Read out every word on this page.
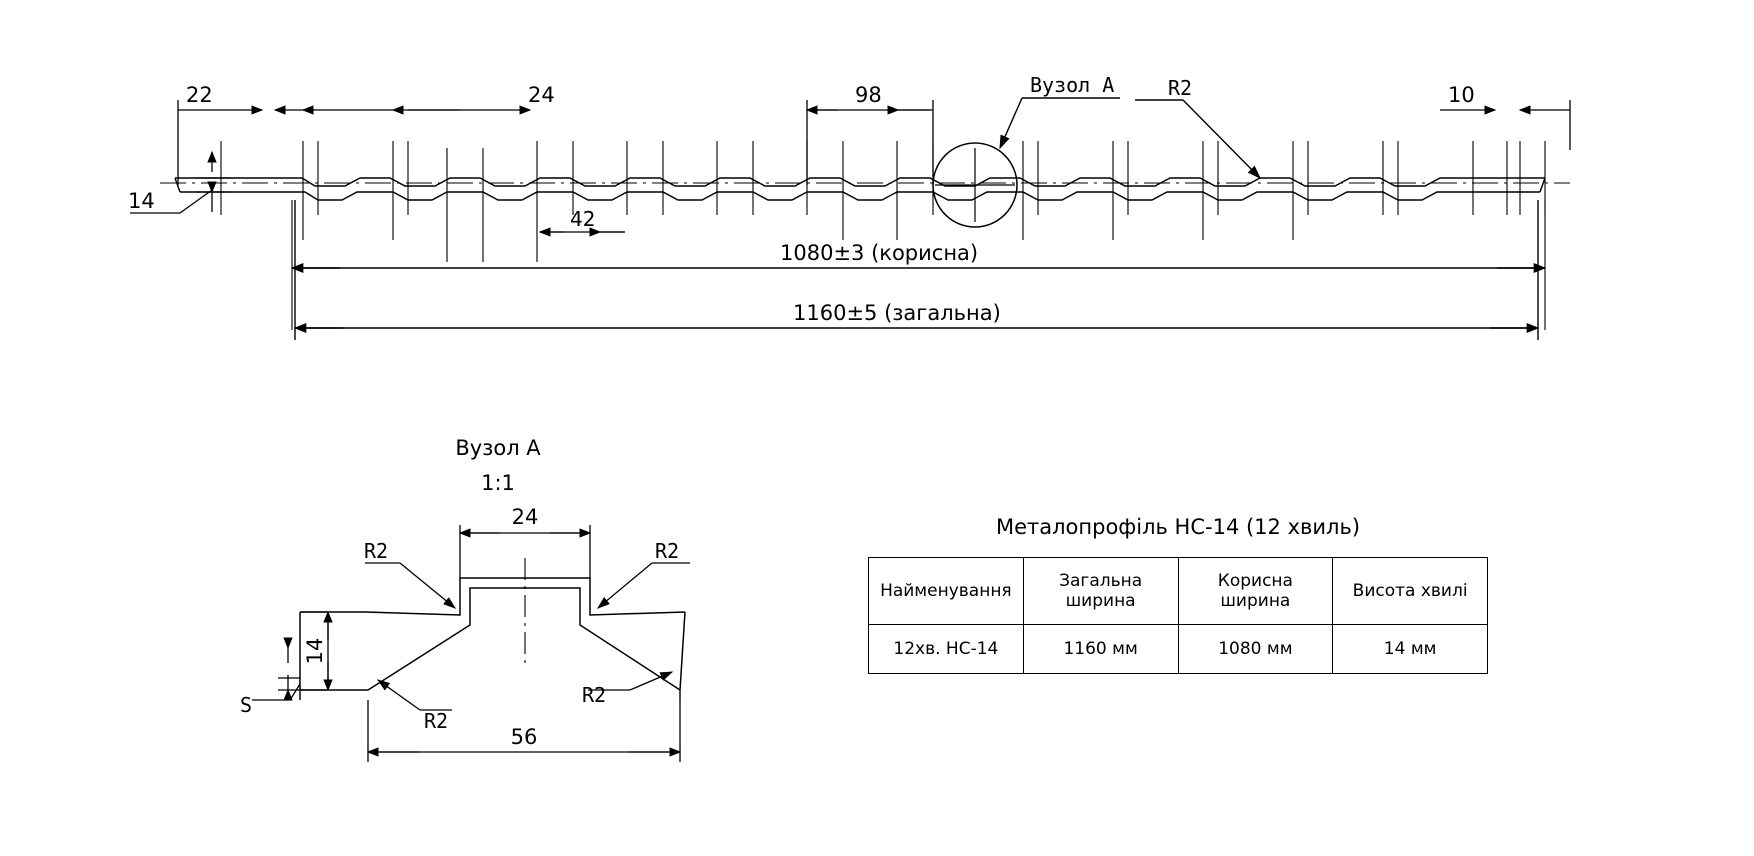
22	24	98
42
10
14
1080±3 (корисна)
1160±5 (загальна)
Вузол А	R2
Вузол А
1:1
24
14
56
S
R2	R2
R2
R2
Металопрофіль НС-14 (12 хвиль)
Найменування	Загальна ширина	Корисна ширина	Висота хвилі
12хв. НС-14	1160 мм	1080 мм	14 мм
